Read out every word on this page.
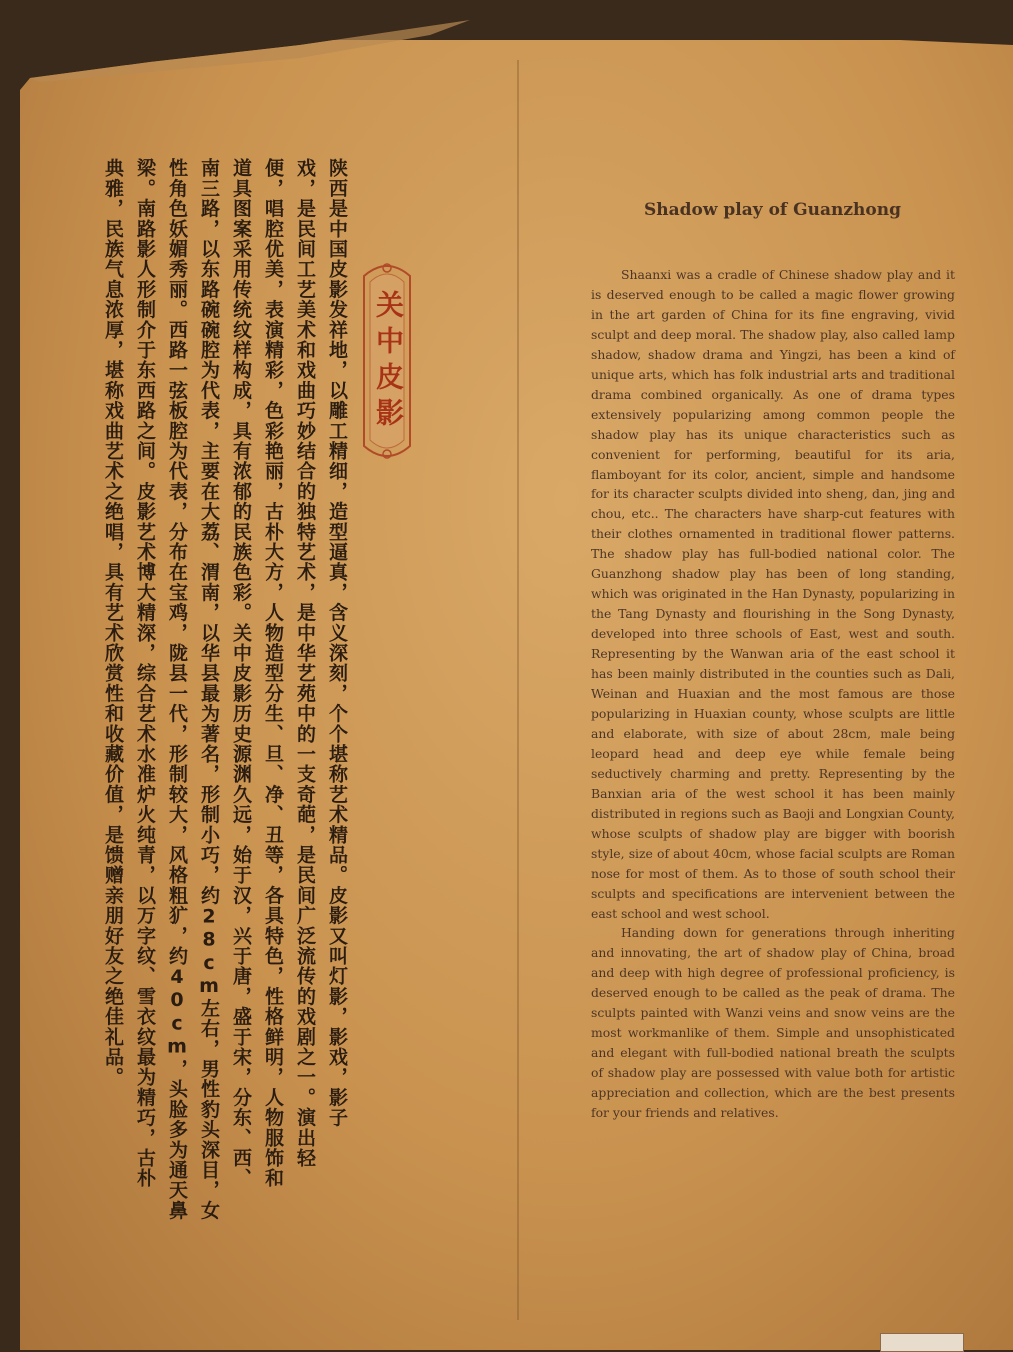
陕西是中国皮影发祥地，以雕工精细，造型逼真，含义深刻，个个堪称艺术精品。皮影又叫灯影，影戏，影子
戏，是民间工艺美术和戏曲巧妙结合的独特艺术，是中华艺苑中的一支奇葩，是民间广泛流传的戏剧之一。演出轻
便，唱腔优美，表演精彩，色彩艳丽，古朴大方，人物造型分生、旦、净、丑等，各具特色，性格鲜明，人物服饰和
道具图案采用传统纹样构成，具有浓郁的民族色彩。关中皮影历史源渊久远，始于汉，兴于唐，盛于宋，分东、西、
南三路，以东路碗碗腔为代表，主要在大荔、渭南，以华县最为著名，形制小巧，约28cm左右，男性豹头深目，女
性角色妖媚秀丽。西路一弦板腔为代表，分布在宝鸡，陇县一代，形制较大，风格粗犷，约40cm，头脸多为通天鼻
梁。南路影人形制介于东西路之间。皮影艺术博大精深，综合艺术水准炉火纯青，以万字纹、雪衣纹最为精巧，古朴
典雅，民族气息浓厚，堪称戏曲艺术之绝唱，具有艺术欣赏性和收藏价值，是馈赠亲朋好友之绝佳礼品。	关中皮影
Shadow play of Guanzhong

Shaanxi was a cradle of Chinese shadow play and it is deserved enough to be called a magic flower growing in the art garden of China for its fine engraving, vivid sculpt and deep moral. The shadow play, also called lamp shadow, shadow drama and Yingzi, has been a kind of unique arts, which has folk industrial arts and traditional drama combined organically. As one of drama types extensively popularizing among common people the shadow play has its unique characteristics such as convenient for performing, beautiful for its aria, flamboyant for its color, ancient, simple and handsome for its character sculpts divided into sheng, dan, jing and chou, etc.. The characters have sharp-cut features with their clothes ornamented in traditional flower patterns. The shadow play has full-bodied national color. The Guanzhong shadow play has been of long standing, which was originated in the Han Dynasty, popularizing in the Tang Dynasty and flourishing in the Song Dynasty, developed into three schools of East, west and south. Representing by the Wanwan aria of the east school it has been mainly distributed in the counties such as Dali, Weinan and Huaxian and the most famous are those popularizing in Huaxian county, whose sculpts are little and elaborate, with size of about 28cm, male being leopard head and deep eye while female being seductively charming and pretty. Representing by the Banxian aria of the west school it has been mainly distributed in regions such as Baoji and Longxian County, whose sculpts of shadow play are bigger with boorish style, size of about 40cm, whose facial sculpts are Roman nose for most of them. As to those of south school their sculpts and specifications are intervenient between the east school and west school.

Handing down for generations through inheriting and innovating, the art of shadow play of China, broad and deep with high degree of professional proficiency, is deserved enough to be called as the peak of drama. The sculpts painted with Wanzi veins and snow veins are the most workmanlike of them. Simple and unsophisticated and elegant with full-bodied national breath the sculpts of shadow play are possessed with value both for artistic appreciation and collection, which are the best presents for your friends and relatives.
